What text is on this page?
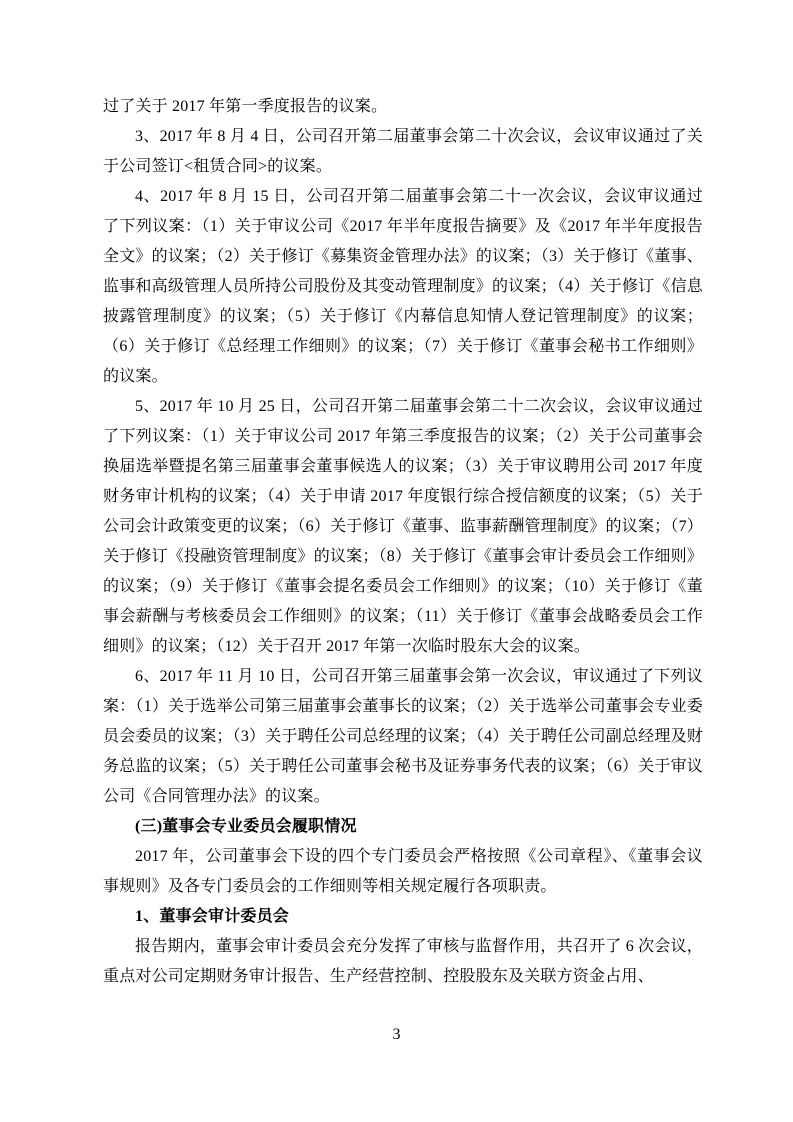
过了关于 2017 年第一季度报告的议案。

3、2017 年 8 月 4 日，公司召开第二届董事会第二十次会议，会议审议通过了关于公司签订<租赁合同>的议案。

4、2017 年 8 月 15 日，公司召开第二届董事会第二十一次会议，会议审议通过了下列议案：（1）关于审议公司《2017 年半年度报告摘要》及《2017 年半年度报告全文》的议案；（2）关于修订《募集资金管理办法》的议案；（3）关于修订《董事、监事和高级管理人员所持公司股份及其变动管理制度》的议案；（4）关于修订《信息披露管理制度》的议案；（5）关于修订《内幕信息知情人登记管理制度》的议案；（6）关于修订《总经理工作细则》的议案；（7）关于修订《董事会秘书工作细则》的议案。

5、2017 年 10 月 25 日，公司召开第二届董事会第二十二次会议，会议审议通过了下列议案：（1）关于审议公司 2017 年第三季度报告的议案；（2）关于公司董事会换届选举暨提名第三届董事会董事候选人的议案；（3）关于审议聘用公司 2017 年度财务审计机构的议案；（4）关于申请 2017 年度银行综合授信额度的议案；（5）关于公司会计政策变更的议案；（6）关于修订《董事、监事薪酬管理制度》的议案；（7）关于修订《投融资管理制度》的议案；（8）关于修订《董事会审计委员会工作细则》的议案；（9）关于修订《董事会提名委员会工作细则》的议案；（10）关于修订《董事会薪酬与考核委员会工作细则》的议案；（11）关于修订《董事会战略委员会工作细则》的议案；（12）关于召开 2017 年第一次临时股东大会的议案。

6、2017 年 11 月 10 日，公司召开第三届董事会第一次会议，审议通过了下列议案：（1）关于选举公司第三届董事会董事长的议案；（2）关于选举公司董事会专业委员会委员的议案；（3）关于聘任公司总经理的议案；（4）关于聘任公司副总经理及财务总监的议案；（5）关于聘任公司董事会秘书及证券事务代表的议案；（6）关于审议公司《合同管理办法》的议案。

(三)董事会专业委员会履职情况

2017 年，公司董事会下设的四个专门委员会严格按照《公司章程》、《董事会议事规则》及各专门委员会的工作细则等相关规定履行各项职责。

1、董事会审计委员会

报告期内，董事会审计委员会充分发挥了审核与监督作用，共召开了 6 次会议，重点对公司定期财务审计报告、生产经营控制、控股股东及关联方资金占用、

3
